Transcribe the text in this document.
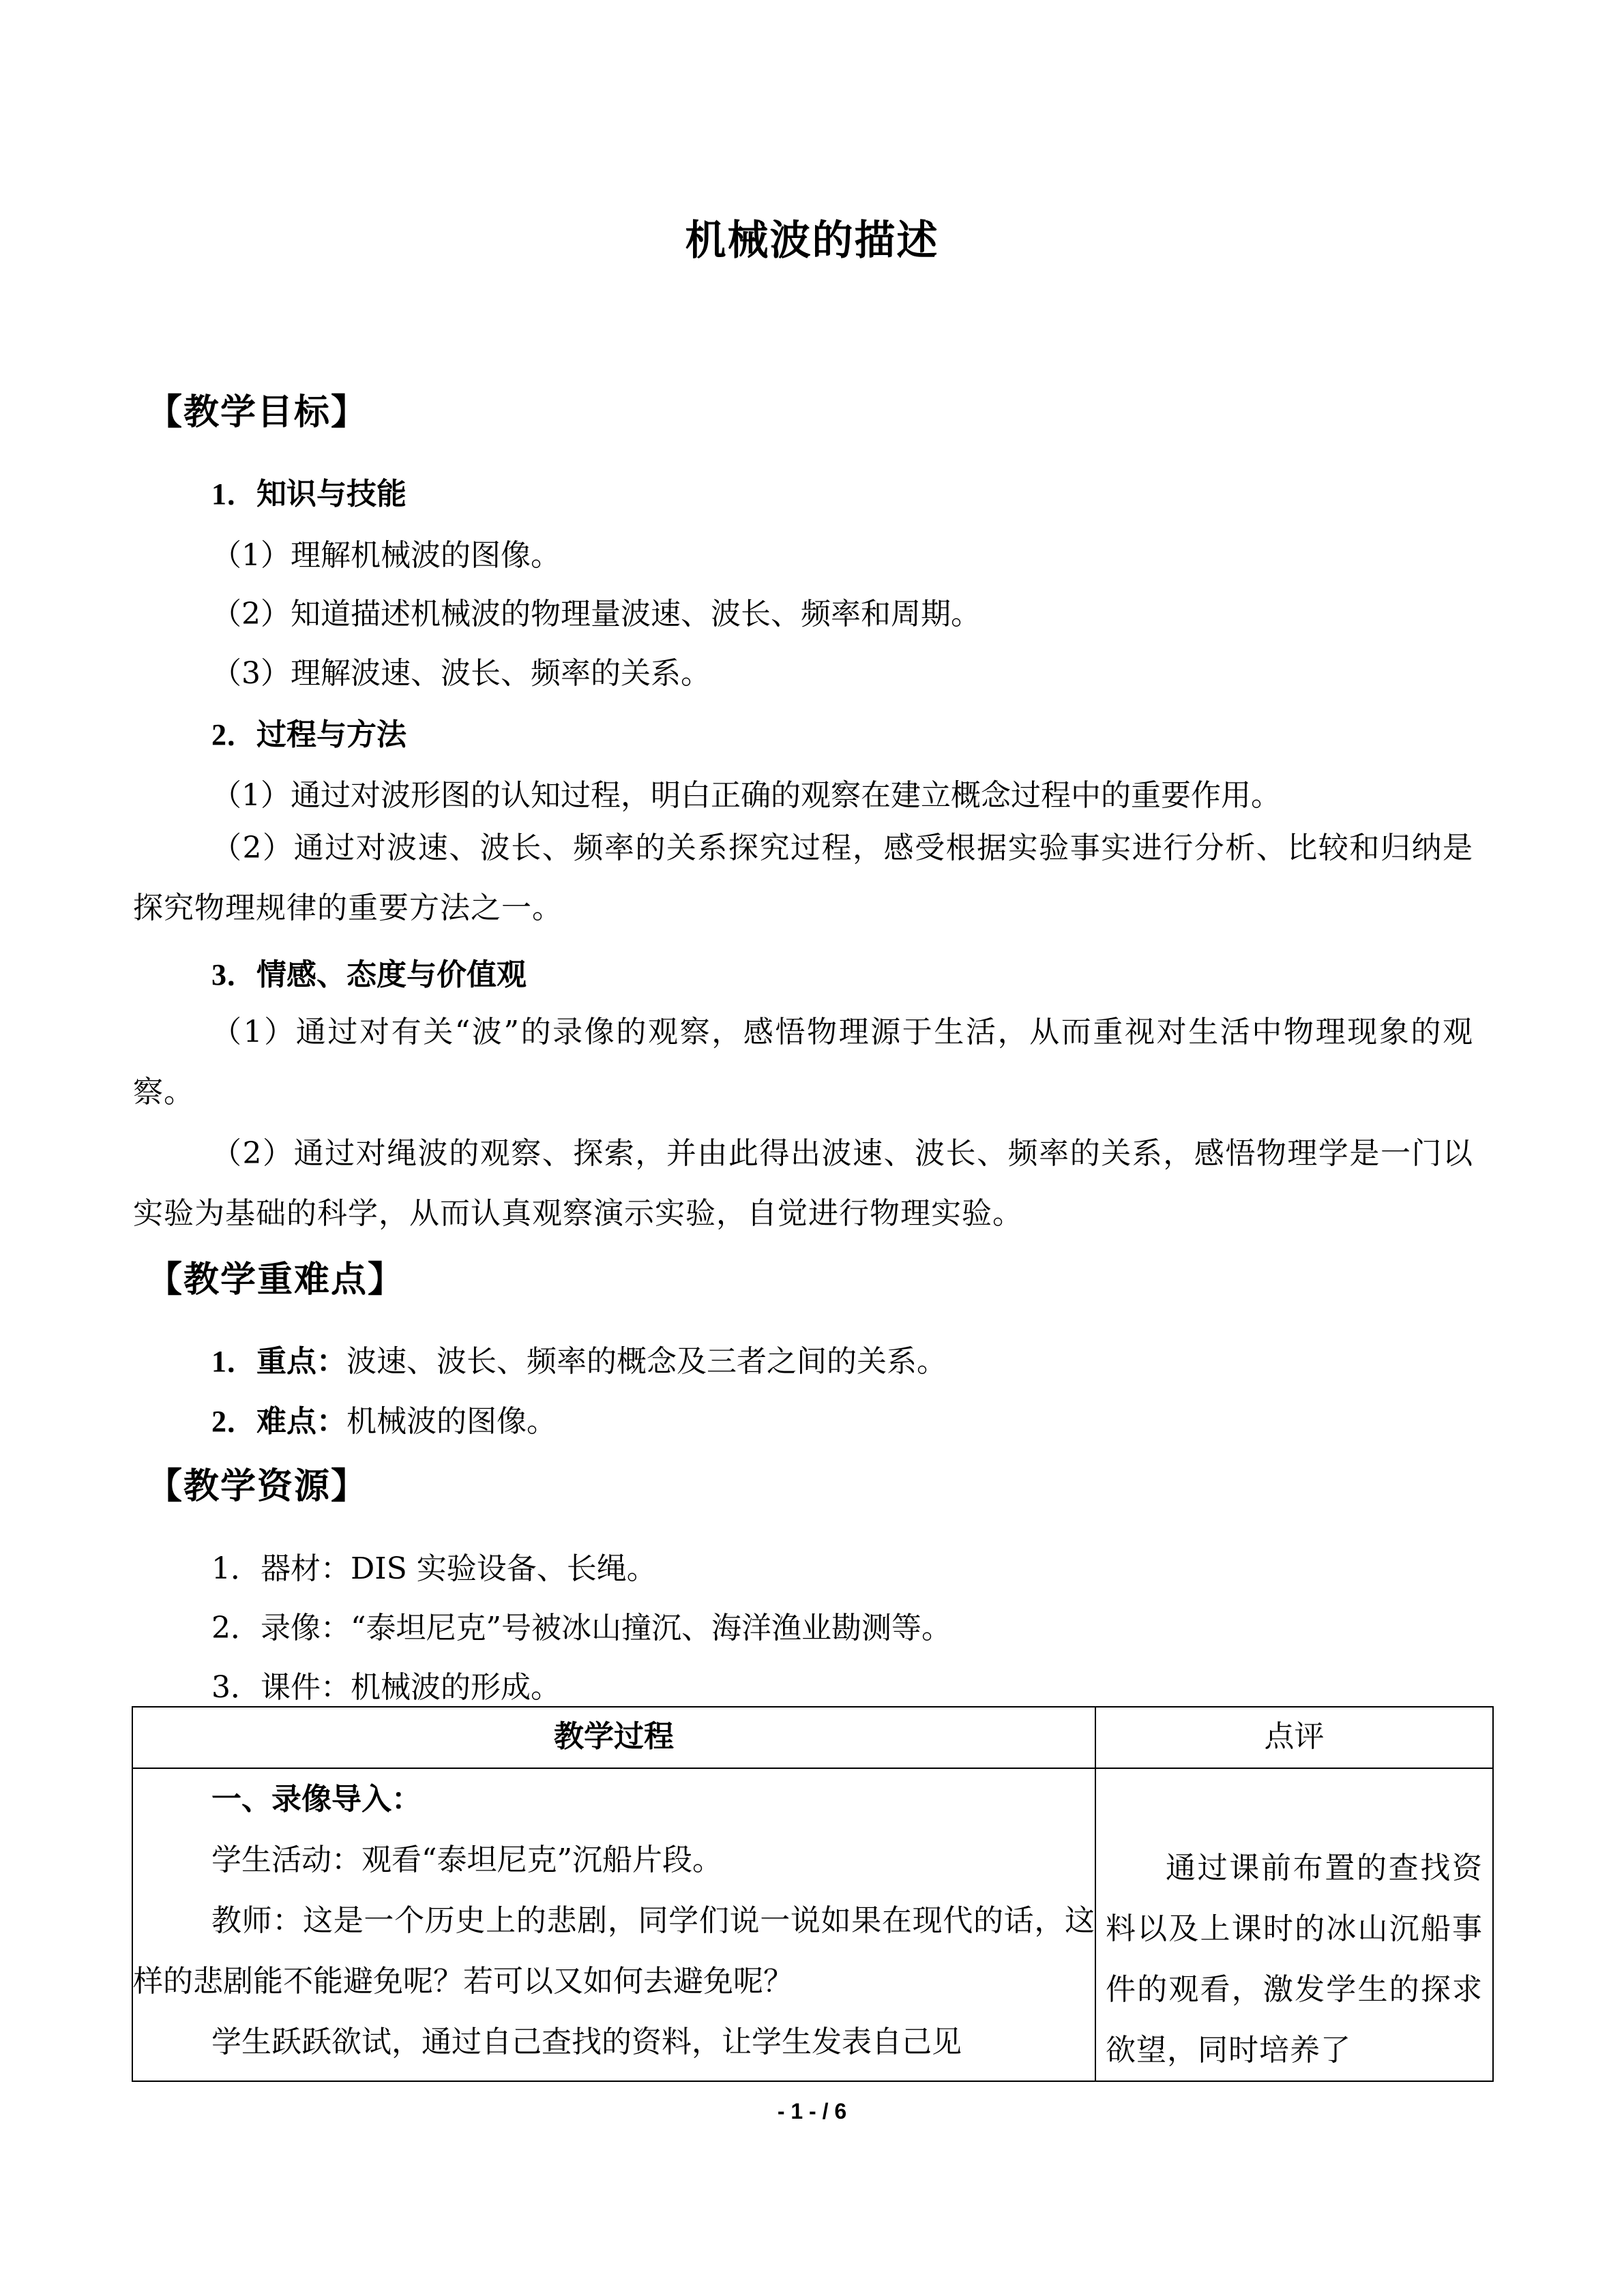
机械波的描述
【教学目标】
1．知识与技能
（1）理解机械波的图像。
（2）知道描述机械波的物理量波速、波长、频率和周期。
（3）理解波速、波长、频率的关系。
2．过程与方法
（1）通过对波形图的认知过程，明白正确的观察在建立概念过程中的重要作用。
（2）通过对波速、波长、频率的关系探究过程，感受根据实验事实进行分析、比较和归纳是探究物理规律的重要方法之一。
3．情感、态度与价值观
（1）通过对有关“波”的录像的观察，感悟物理源于生活，从而重视对生活中物理现象的观察。
（2）通过对绳波的观察、探索，并由此得出波速、波长、频率的关系，感悟物理学是一门以实验为基础的科学，从而认真观察演示实验，自觉进行物理实验。
【教学重难点】
1．重点：波速、波长、频率的概念及三者之间的关系。
2．难点：机械波的图像。
【教学资源】
1．器材：DIS 实验设备、长绳。
2．录像：“泰坦尼克”号被冰山撞沉、海洋渔业勘测等。
3．课件：机械波的形成。
教学过程	点评

一、录像导入：

学生活动：观看“泰坦尼克”沉船片段。

教师：这是一个历史上的悲剧，同学们说一说如果在现代的话，这样的悲剧能不能避免呢？若可以又如何去避免呢？

学生跃跃欲试，通过自己查找的资料，让学生发表自己见	通过课前布置的查找资料以及上课时的冰山沉船事件的观看，激发学生的探求欲望，同时培养了

- 1 - / 6
